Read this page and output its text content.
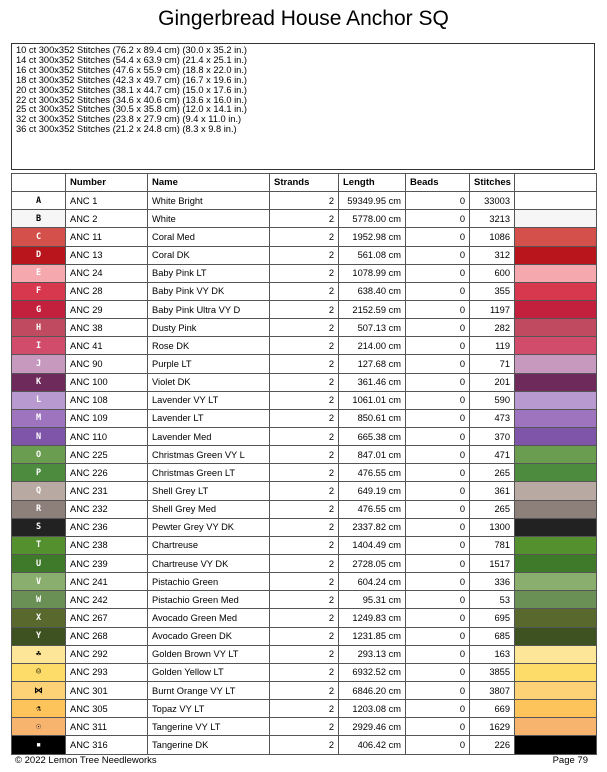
Gingerbread House Anchor SQ
10 ct 300x352 Stitches (76.2 x 89.4 cm) (30.0 x 35.2 in.)
14 ct 300x352 Stitches (54.4 x 63.9 cm) (21.4 x 25.1 in.)
16 ct 300x352 Stitches (47.6 x 55.9 cm) (18.8 x 22.0 in.)
18 ct 300x352 Stitches (42.3 x 49.7 cm) (16.7 x 19.6 in.)
20 ct 300x352 Stitches (38.1 x 44.7 cm) (15.0 x 17.6 in.)
22 ct 300x352 Stitches (34.6 x 40.6 cm) (13.6 x 16.0 in.)
25 ct 300x352 Stitches (30.5 x 35.8 cm) (12.0 x 14.1 in.)
32 ct 300x352 Stitches (23.8 x 27.9 cm) (9.4 x 11.0 in.)
36 ct 300x352 Stitches (21.2 x 24.8 cm) (8.3 x 9.8 in.)
	Number	Name	Strands	Length	Beads	Stitches	
A	ANC 1	White Bright	2	59349.95 cm	0	33003	
B	ANC 2	White	2	5778.00 cm	0	3213	
C	ANC 11	Coral Med	2	1952.98 cm	0	1086	
D	ANC 13	Coral DK	2	561.08 cm	0	312	
E	ANC 24	Baby Pink LT	2	1078.99 cm	0	600	
F	ANC 28	Baby Pink VY DK	2	638.40 cm	0	355	
G	ANC 29	Baby Pink Ultra VY D	2	2152.59 cm	0	1197	
H	ANC 38	Dusty Pink	2	507.13 cm	0	282	
I	ANC 41	Rose DK	2	214.00 cm	0	119	
J	ANC 90	Purple LT	2	127.68 cm	0	71	
K	ANC 100	Violet DK	2	361.46 cm	0	201	
L	ANC 108	Lavender VY LT	2	1061.01 cm	0	590	
M	ANC 109	Lavender LT	2	850.61 cm	0	473	
N	ANC 110	Lavender Med	2	665.38 cm	0	370	
O	ANC 225	Christmas Green VY L	2	847.01 cm	0	471	
P	ANC 226	Christmas Green LT	2	476.55 cm	0	265	
Q	ANC 231	Shell Grey LT	2	649.19 cm	0	361	
R	ANC 232	Shell Grey Med	2	476.55 cm	0	265	
S	ANC 236	Pewter Grey VY DK	2	2337.82 cm	0	1300	
T	ANC 238	Chartreuse	2	1404.49 cm	0	781	
U	ANC 239	Chartreuse VY DK	2	2728.05 cm	0	1517	
V	ANC 241	Pistachio Green	2	604.24 cm	0	336	
W	ANC 242	Pistachio Green Med	2	95.31 cm	0	53	
X	ANC 267	Avocado Green Med	2	1249.83 cm	0	695	
Y	ANC 268	Avocado Green DK	2	1231.85 cm	0	685	
☘	ANC 292	Golden Brown VY LT	2	293.13 cm	0	163	
☺	ANC 293	Golden Yellow LT	2	6932.52 cm	0	3855	
⋈	ANC 301	Burnt Orange VY LT	2	6846.20 cm	0	3807	
⚗	ANC 305	Topaz VY LT	2	1203.08 cm	0	669	
☉	ANC 311	Tangerine VY LT	2	2929.46 cm	0	1629	
▪	ANC 316	Tangerine DK	2	406.42 cm	0	226	
© 2022 Lemon Tree Needleworks	Page 79
